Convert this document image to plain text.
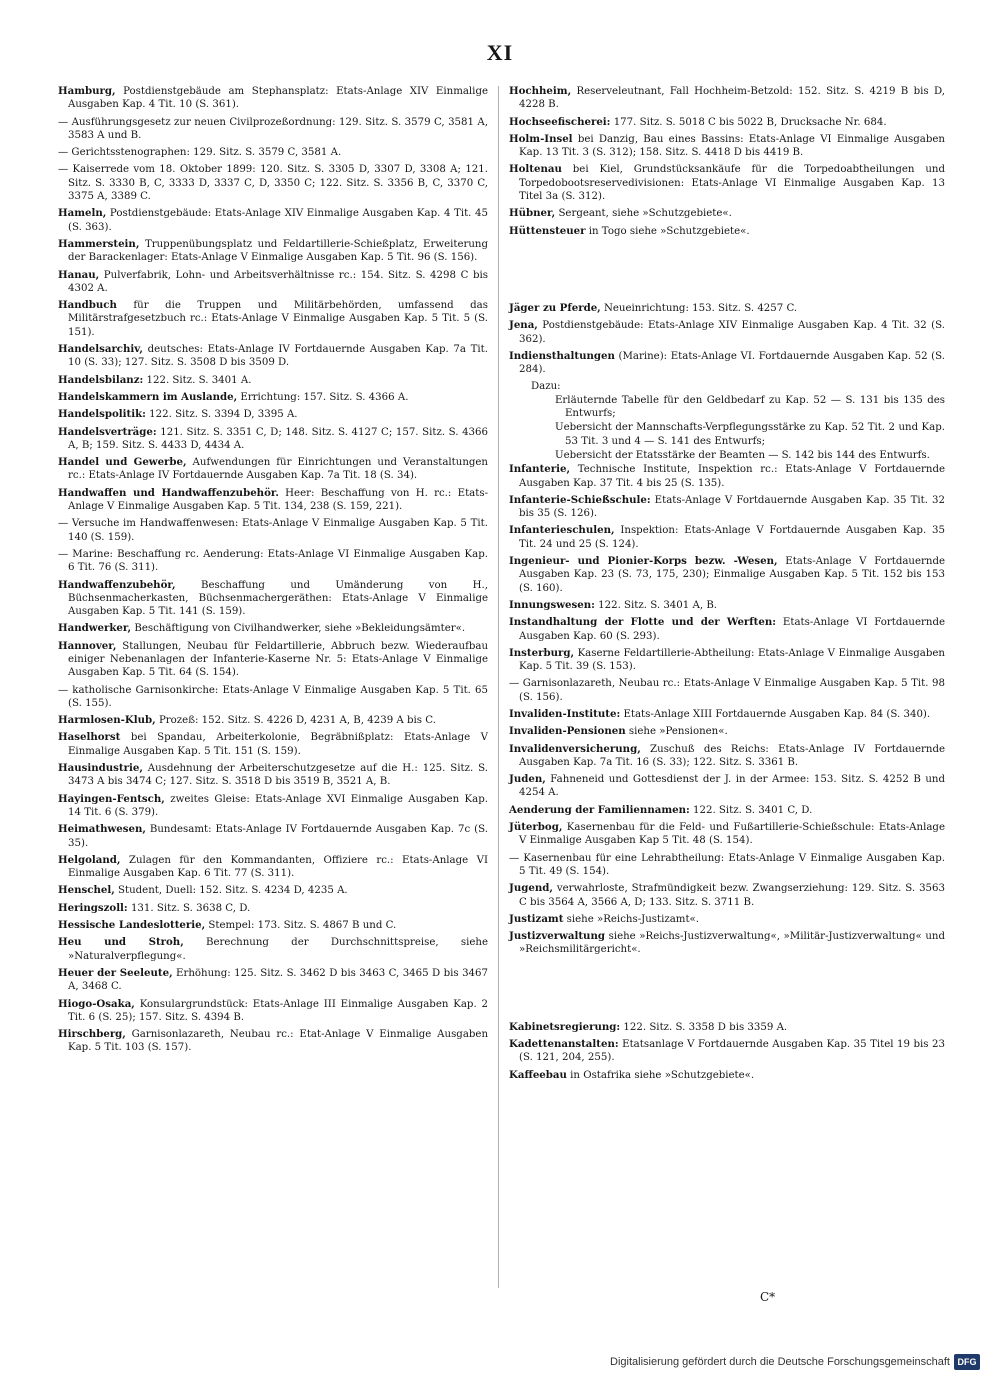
XI
Hamburg, Postdienstgebäude am Stephansplatz: Etats-Anlage XIV Einmalige Ausgaben Kap. 4 Tit. 10 (S. 361).
— Ausführungsgesetz zur neuen Civilprozeßordnung: 129. Sitz. S. 3579 C, 3581 A, 3583 A und B.
— Gerichtsstenographen: 129. Sitz. S. 3579 C, 3581 A.
— Kaiserrede vom 18. Oktober 1899: 120. Sitz. S. 3305 D, 3307 D, 3308 A; 121. Sitz. S. 3330 B, C, 3333 D, 3337 C, D, 3350 C; 122. Sitz. S. 3356 B, C, 3370 C, 3375 A, 3389 C.
Hameln, Postdienstgebäude: Etats-Anlage XIV Einmalige Ausgaben Kap. 4 Tit. 45 (S. 363).
Hammerstein, Truppenübungsplatz und Feldartillerie-Schießplatz, Erweiterung der Barackenlager: Etats-Anlage V Einmalige Ausgaben Kap. 5 Tit. 96 (S. 156).
Hanau, Pulverfabrik, Lohn- und Arbeitsverhältnisse rc.: 154. Sitz. S. 4298 C bis 4302 A.
Handbuch für die Truppen und Militärbehörden, umfassend das Militärstrafgesetzbuch rc.: Etats-Anlage V Einmalige Ausgaben Kap. 5 Tit. 5 (S. 151).
Handelsarchiv, deutsches: Etats-Anlage IV Fortdauernde Ausgaben Kap. 7a Tit. 10 (S. 33); 127. Sitz. S. 3508 D bis 3509 D.
Handelsbilanz: 122. Sitz. S. 3401 A.
Handelskammern im Auslande, Errichtung: 157. Sitz. S. 4366 A.
Handelspolitik: 122. Sitz. S. 3394 D, 3395 A.
Handelsverträge: 121. Sitz. S. 3351 C, D; 148. Sitz. S. 4127 C; 157. Sitz. S. 4366 A, B; 159. Sitz. S. 4433 D, 4434 A.
Handel und Gewerbe, Aufwendungen für Einrichtungen und Veranstaltungen rc.: Etats-Anlage IV Fortdauernde Ausgaben Kap. 7a Tit. 18 (S. 34).
Handwaffen und Handwaffenzubehör. Heer: Beschaffung von H. rc.: Etats-Anlage V Einmalige Ausgaben Kap. 5 Tit. 134, 238 (S. 159, 221).
— Versuche im Handwaffenwesen: Etats-Anlage V Einmalige Ausgaben Kap. 5 Tit. 140 (S. 159).
— Marine: Beschaffung rc. Aenderung: Etats-Anlage VI Einmalige Ausgaben Kap. 6 Tit. 76 (S. 311).
Handwaffenzubehör, Beschaffung und Umänderung von H., Büchsenmacherkasten, Büchsenmachergeräthen: Etats-Anlage V Einmalige Ausgaben Kap. 5 Tit. 141 (S. 159).
Handwerker, Beschäftigung von Civilhandwerker, siehe »Bekleidungsämter«.
Hannover, Stallungen, Neubau für Feldartillerie, Abbruch bezw. Wiederaufbau einiger Nebenanlagen der Infanterie-Kaserne Nr. 5: Etats-Anlage V Einmalige Ausgaben Kap. 5 Tit. 64 (S. 154).
— katholische Garnisonkirche: Etats-Anlage V Einmalige Ausgaben Kap. 5 Tit. 65 (S. 155).
Harmlosen-Klub, Prozeß: 152. Sitz. S. 4226 D, 4231 A, B, 4239 A bis C.
Haselhorst bei Spandau, Arbeiterkolonie, Begräbnißplatz: Etats-Anlage V Einmalige Ausgaben Kap. 5 Tit. 151 (S. 159).
Hausindustrie, Ausdehnung der Arbeiterschutzgesetze auf die H.: 125. Sitz. S. 3473 A bis 3474 C; 127. Sitz. S. 3518 D bis 3519 B, 3521 A, B.
Hayingen-Fentsch, zweites Gleise: Etats-Anlage XVI Einmalige Ausgaben Kap. 14 Tit. 6 (S. 379).
Heimathwesen, Bundesamt: Etats-Anlage IV Fortdauernde Ausgaben Kap. 7c (S. 35).
Helgoland, Zulagen für den Kommandanten, Offiziere rc.: Etats-Anlage VI Einmalige Ausgaben Kap. 6 Tit. 77 (S. 311).
Henschel, Student, Duell: 152. Sitz. S. 4234 D, 4235 A.
Heringszoll: 131. Sitz. S. 3638 C, D.
Hessische Landeslotterie, Stempel: 173. Sitz. S. 4867 B und C.
Heu und Stroh, Berechnung der Durchschnittspreise, siehe »Naturalverpflegung«.
Heuer der Seeleute, Erhöhung: 125. Sitz. S. 3462 D bis 3463 C, 3465 D bis 3467 A, 3468 C.
Hiogo-Osaka, Konsulargrundstück: Etats-Anlage III Einmalige Ausgaben Kap. 2 Tit. 6 (S. 25); 157. Sitz. S. 4394 B.
Hirschberg, Garnisonlazareth, Neubau rc.: Etat-Anlage V Einmalige Ausgaben Kap. 5 Tit. 103 (S. 157).
Hochheim, Reserveleutnant, Fall Hochheim-Betzold: 152. Sitz. S. 4219 B bis D, 4228 B.
Hochseefischerei: 177. Sitz. S. 5018 C bis 5022 B, Drucksache Nr. 684.
Holm-Insel bei Danzig, Bau eines Bassins: Etats-Anlage VI Einmalige Ausgaben Kap. 13 Tit. 3 (S. 312); 158. Sitz. S. 4418 D bis 4419 B.
Holtenau bei Kiel, Grundstücksankäufe für die Torpedoabtheilungen und Torpedobootsreservedivisionen: Etats-Anlage VI Einmalige Ausgaben Kap. 13 Titel 3a (S. 312).
Hübner, Sergeant, siehe »Schutzgebiete«.
Hüttensteuer in Togo siehe »Schutzgebiete«.
Jäger zu Pferde, Neueinrichtung: 153. Sitz. S. 4257 C.
Jena, Postdienstgebäude: Etats-Anlage XIV Einmalige Ausgaben Kap. 4 Tit. 32 (S. 362).
Indiensthaltungen (Marine): Etats-Anlage VI. Fortdauernde Ausgaben Kap. 52 (S. 284).
Dazu:
Erläuternde Tabelle für den Geldbedarf zu Kap. 52 — S. 131 bis 135 des Entwurfs;
Uebersicht der Mannschafts-Verpflegungsstärke zu Kap. 52 Tit. 2 und Kap. 53 Tit. 3 und 4 — S. 141 des Entwurfs;
Uebersicht der Etatsstärke der Beamten — S. 142 bis 144 des Entwurfs.
Infanterie, Technische Institute, Inspektion rc.: Etats-Anlage V Fortdauernde Ausgaben Kap. 37 Tit. 4 bis 25 (S. 135).
Infanterie-Schießschule: Etats-Anlage V Fortdauernde Ausgaben Kap. 35 Tit. 32 bis 35 (S. 126).
Infanterieschulen, Inspektion: Etats-Anlage V Fortdauernde Ausgaben Kap. 35 Tit. 24 und 25 (S. 124).
Ingenieur- und Pionier-Korps bezw. -Wesen, Etats-Anlage V Fortdauernde Ausgaben Kap. 23 (S. 73, 175, 230); Einmalige Ausgaben Kap. 5 Tit. 152 bis 153 (S. 160).
Innungswesen: 122. Sitz. S. 3401 A, B.
Instandhaltung der Flotte und der Werften: Etats-Anlage VI Fortdauernde Ausgaben Kap. 60 (S. 293).
Insterburg, Kaserne Feldartillerie-Abtheilung: Etats-Anlage V Einmalige Ausgaben Kap. 5 Tit. 39 (S. 153).
— Garnisonlazareth, Neubau rc.: Etats-Anlage V Einmalige Ausgaben Kap. 5 Tit. 98 (S. 156).
Invaliden-Institute: Etats-Anlage XIII Fortdauernde Ausgaben Kap. 84 (S. 340).
Invaliden-Pensionen siehe »Pensionen«.
Invalidenversicherung, Zuschuß des Reichs: Etats-Anlage IV Fortdauernde Ausgaben Kap. 7a Tit. 16 (S. 33); 122. Sitz. S. 3361 B.
Juden, Fahneneid und Gottesdienst der J. in der Armee: 153. Sitz. S. 4252 B und 4254 A.
Aenderung der Familiennamen: 122. Sitz. S. 3401 C, D.
Jüterbog, Kasernenbau für die Feld- und Fußartillerie-Schießschule: Etats-Anlage V Einmalige Ausgaben Kap 5 Tit. 48 (S. 154).
— Kasernenbau für eine Lehrabtheilung: Etats-Anlage V Einmalige Ausgaben Kap. 5 Tit. 49 (S. 154).
Jugend, verwahrloste, Strafmündigkeit bezw. Zwangserziehung: 129. Sitz. S. 3563 C bis 3564 A, 3566 A, D; 133. Sitz. S. 3711 B.
Justizamt siehe »Reichs-Justizamt«.
Justizverwaltung siehe »Reichs-Justizverwaltung«, »Militär-Justizverwaltung« und »Reichsmilitärgericht«.
Kabinetsregierung: 122. Sitz. S. 3358 D bis 3359 A.
Kadettenanstalten: Etatsanlage V Fortdauernde Ausgaben Kap. 35 Titel 19 bis 23 (S. 121, 204, 255).
Kaffeebau in Ostafrika siehe »Schutzgebiete«.
C*
Digitalisierung gefördert durch die Deutsche Forschungsgemeinschaft DFG
